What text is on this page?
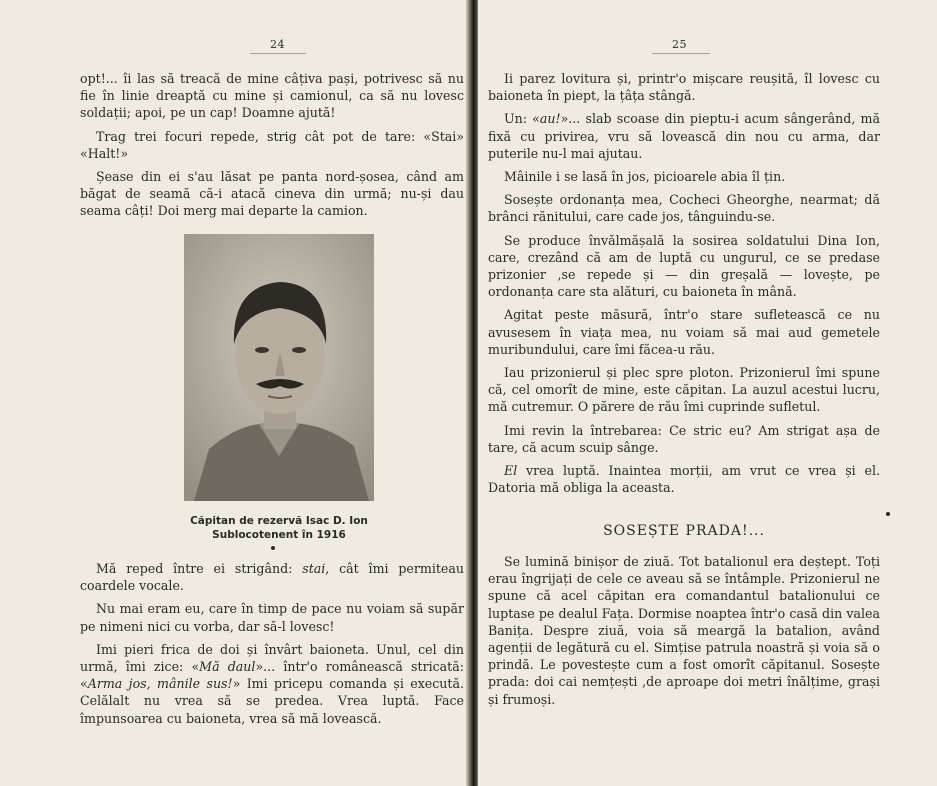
24

opt!... îi las să treacă de mine câțiva pași, potrivesc să nu fie în linie dreaptă cu mine și camionul, ca să nu lovesc soldații; apoi, pe un cap! Doamne ajută!

Trag trei focuri repede, strig cât pot de tare: «Stai» «Halt!»

Șease din ei s'au lăsat pe panta nord-șosea, când am băgat de seamă că-i atacă cineva din urmă; nu-și dau seama câți! Doi merg mai departe la camion.

Căpitan de rezervă Isac D. Ion
Sublocotenent în 1916

Mă reped între ei strigând: stai, cât îmi permiteau coardele vocale.

Nu mai eram eu, care în timp de pace nu voiam să supăr pe nimeni nici cu vorba, dar să-l lovesc!

Imi pieri frica de doi și învârt baioneta. Unul, cel din urmă, îmi zice: «Mă daul»... într'o românească stricată: «Arma jos, mânile sus!» Imi pricepu comanda și execută. Celălalt nu vrea să se predea. Vrea luptă. Face împunsoarea cu baioneta, vrea să mă lovească.

25

Ii parez lovitura și, printr'o mișcare reușită, îl lovesc cu baioneta în piept, la țâța stângă.

Un: «au!»... slab scoase din pieptu-i acum sângerând, mă fixă cu privirea, vru să lovească din nou cu arma, dar puterile nu-l mai ajutau.

Mâinile i se lasă în jos, picioarele abia îl țin.

Sosește ordonanța mea, Cocheci Gheorghe, nearmat; dă brânci rănitului, care cade jos, tânguindu-se.

Se produce învălmășală la sosirea soldatului Dina Ion, care, crezând că am de luptă cu ungurul, ce se predase prizonier ,se repede și — din greșală — lovește, pe ordonanța care sta alături, cu baioneta în mână.

Agitat peste măsură, într'o stare sufletească ce nu avusesem în viața mea, nu voiam să mai aud gemetele muribundului, care îmi făcea-u rău.

Iau prizonierul și plec spre ploton. Prizonierul îmi spune că, cel omorît de mine, este căpitan. La auzul acestui lucru, mă cutremur. O părere de rău îmi cuprinde sufletul.

Imi revin la întrebarea: Ce stric eu? Am strigat așa de tare, că acum scuip sânge.

El vrea luptă. Inaintea morții, am vrut ce vrea și el. Datoria mă obliga la aceasta.

SOSEȘTE PRADA!...

Se lumină binișor de ziuă. Tot batalionul era deștept. Toți erau îngrijați de cele ce aveau să se întâmple. Prizonierul ne spune că acel căpitan era comandantul batalionului ce luptase pe dealul Fața. Dormise noaptea într'o casă din valea Banița. Despre ziuă, voia să meargă la batalion, având agenții de legătură cu el. Simțise patrula noastră și voia să o prindă. Le povestește cum a fost omorît căpitanul. Sosește prada: doi cai nemțești ,de aproape doi metri înălțime, grași și frumoși.
